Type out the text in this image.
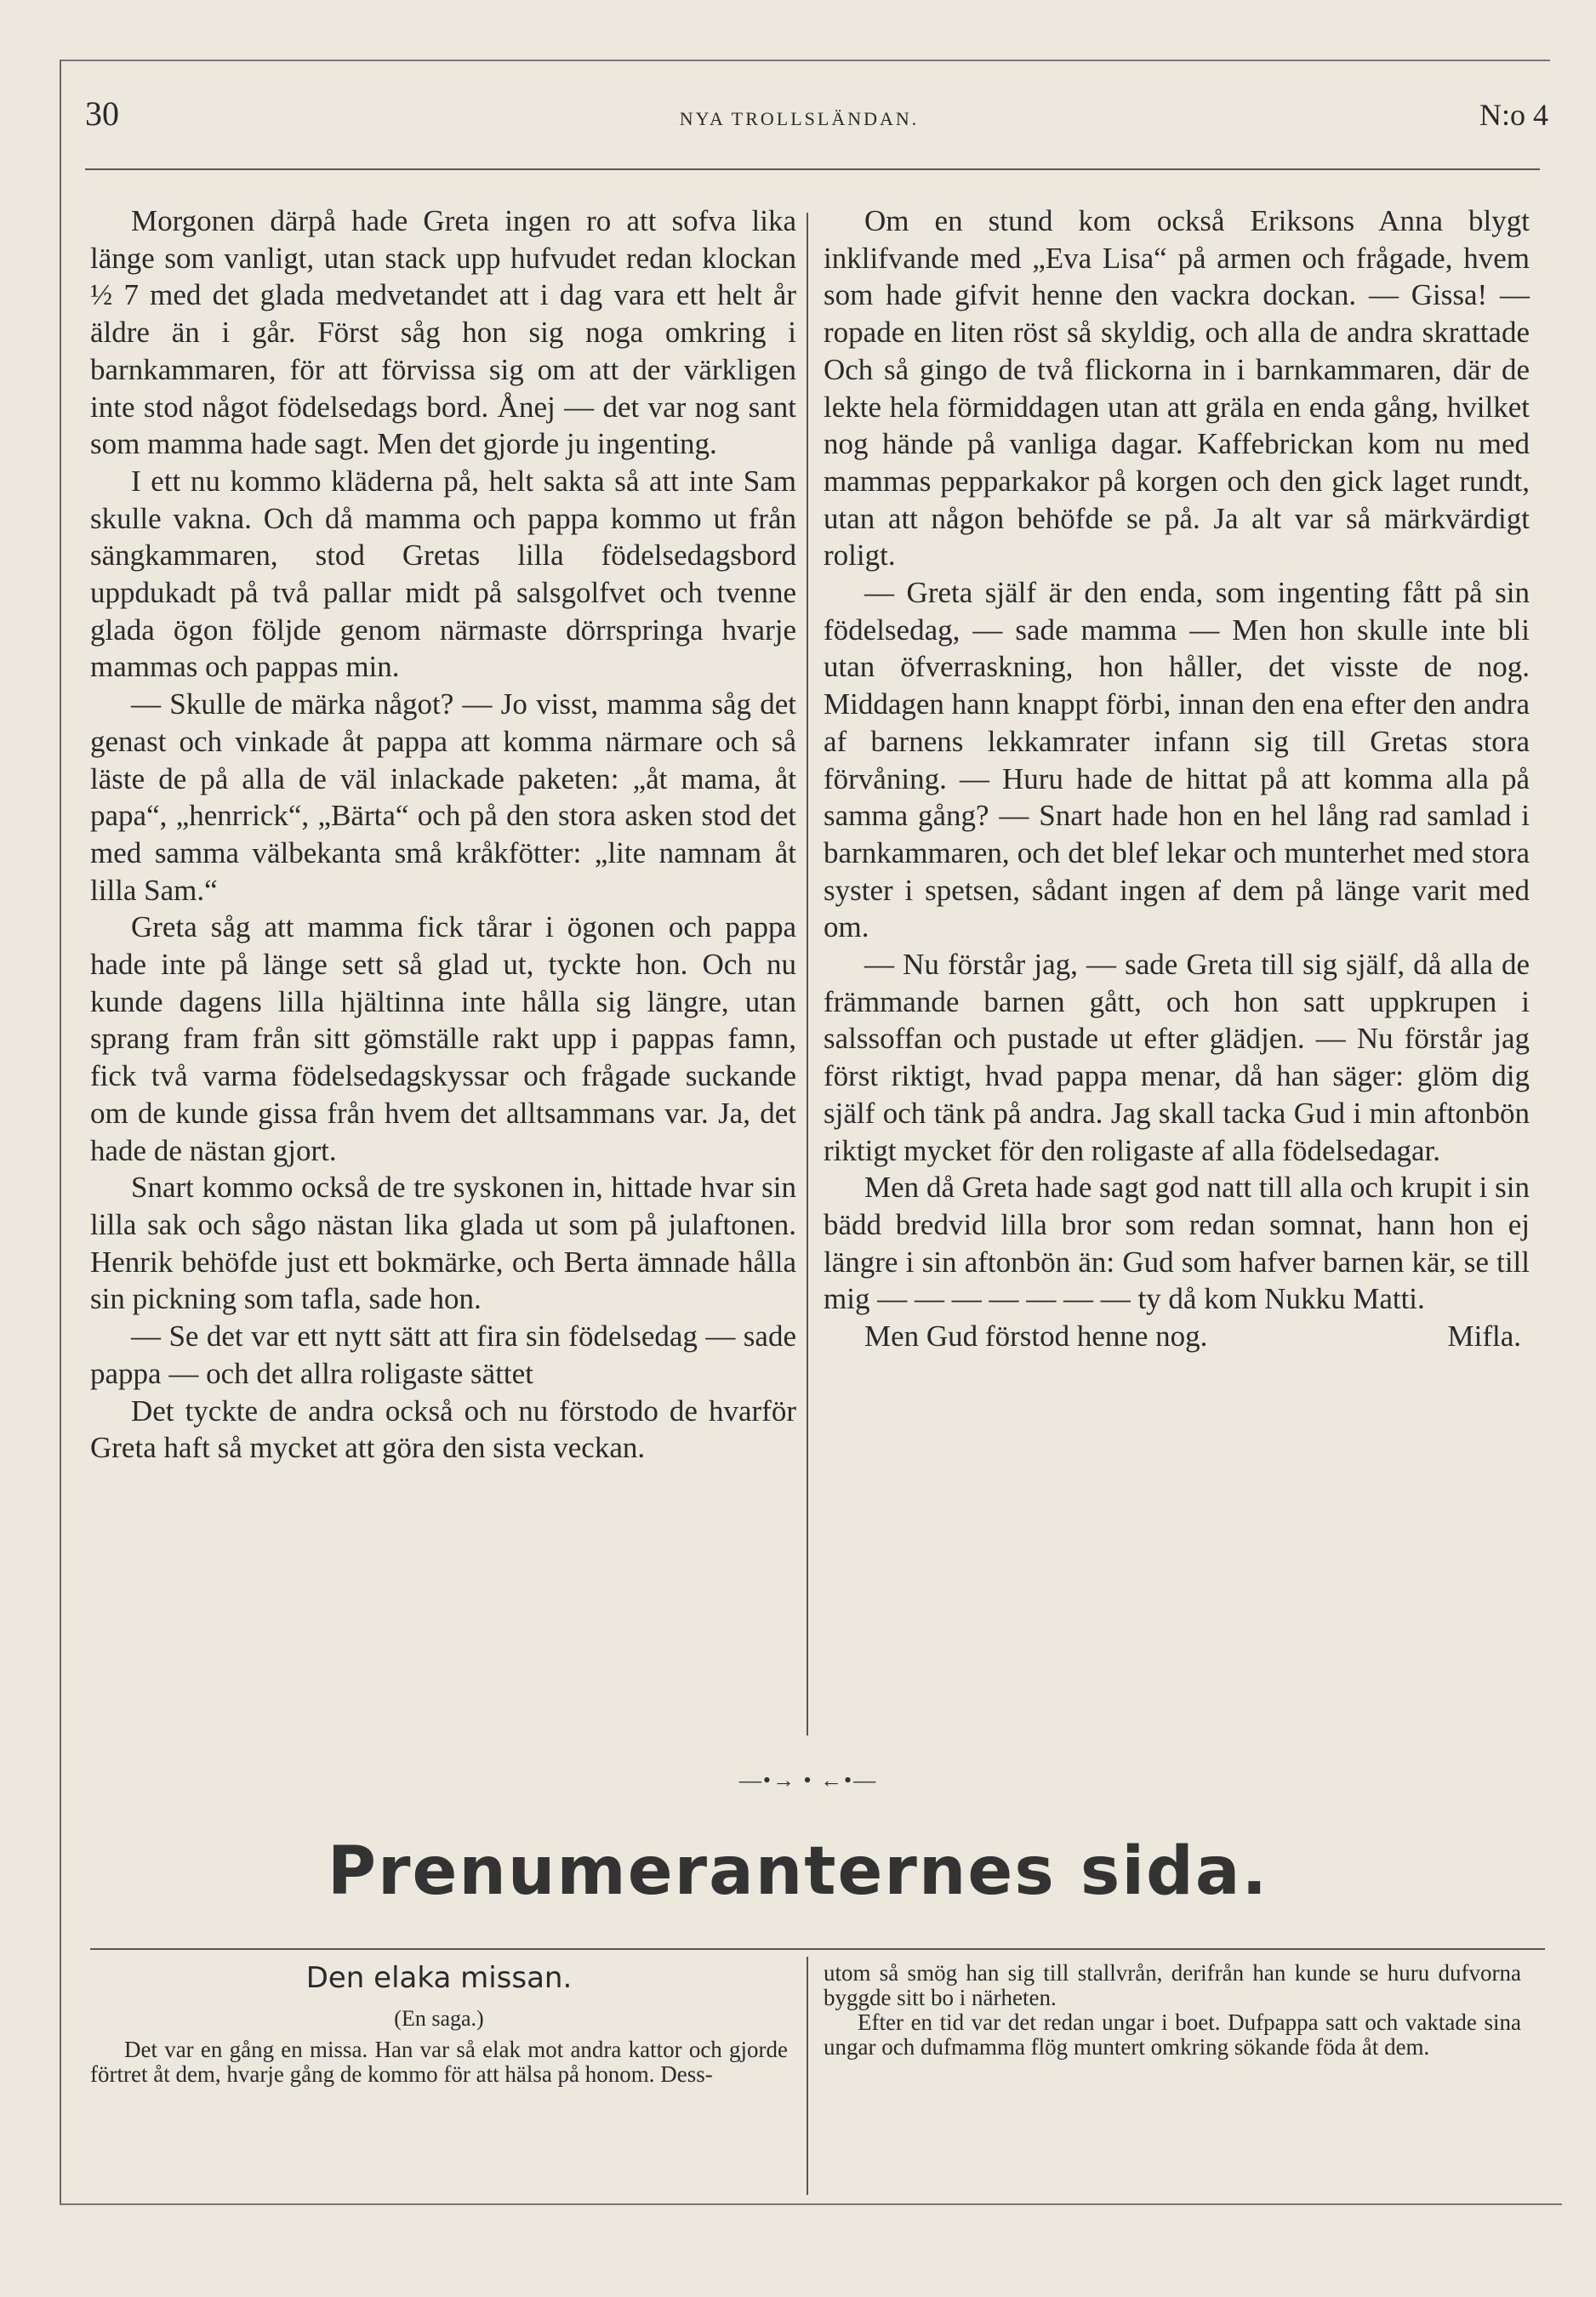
30	NYA TROLLSLÄNDAN.	N:o 4

Morgonen därpå hade Greta ingen ro att sofva lika länge som vanligt, utan stack upp hufvudet redan klockan ½ 7 med det glada medvetandet att i dag vara ett helt år äldre än i går. Först såg hon sig noga omkring i barnkammaren, för att förvissa sig om att der värkligen inte stod något födelsedags bord. Ånej — det var nog sant som mamma hade sagt. Men det gjorde ju ingenting.

I ett nu kommo kläderna på, helt sakta så att inte Sam skulle vakna. Och då mamma och pappa kommo ut från sängkammaren, stod Gretas lilla födelsedagsbord uppdukadt på två pallar midt på salsgolfvet och tvenne glada ögon följde genom närmaste dörrspringa hvarje mammas och pappas min.

— Skulle de märka något? — Jo visst, mamma såg det genast och vinkade åt pappa att komma närmare och så läste de på alla de väl inlackade paketen: „åt mama, åt papa“, „henrrick“, „Bärta“ och på den stora asken stod det med samma välbekanta små kråkfötter: „lite namnam åt lilla Sam.“

Greta såg att mamma fick tårar i ögonen och pappa hade inte på länge sett så glad ut, tyckte hon. Och nu kunde dagens lilla hjältinna inte hålla sig längre, utan sprang fram från sitt gömställe rakt upp i pappas famn, fick två varma födelsedagskyssar och frågade suckande om de kunde gissa från hvem det alltsammans var. Ja, det hade de nästan gjort.

Snart kommo också de tre syskonen in, hittade hvar sin lilla sak och sågo nästan lika glada ut som på julaftonen. Henrik behöfde just ett bokmärke, och Berta ämnade hålla sin pickning som tafla, sade hon.

— Se det var ett nytt sätt att fira sin födelsedag — sade pappa — och det allra roligaste sättet

Det tyckte de andra också och nu förstodo de hvarför Greta haft så mycket att göra den sista veckan.

Om en stund kom också Eriksons Anna blygt inklifvande med „Eva Lisa“ på armen och frågade, hvem som hade gifvit henne den vackra dockan. — Gissa! — ropade en liten röst så skyldig, och alla de andra skrattade Och så gingo de två flickorna in i barnkammaren, där de lekte hela förmiddagen utan att gräla en enda gång, hvilket nog hände på vanliga dagar. Kaffebrickan kom nu med mammas pepparkakor på korgen och den gick laget rundt, utan att någon behöfde se på. Ja alt var så märkvärdigt roligt.

— Greta själf är den enda, som ingenting fått på sin födelsedag, — sade mamma — Men hon skulle inte bli utan öfverraskning, hon håller, det visste de nog. Middagen hann knappt förbi, innan den ena efter den andra af barnens lekkamrater infann sig till Gretas stora förvåning. — Huru hade de hittat på att komma alla på samma gång? — Snart hade hon en hel lång rad samlad i barnkammaren, och det blef lekar och munterhet med stora syster i spetsen, sådant ingen af dem på länge varit med om.

— Nu förstår jag, — sade Greta till sig själf, då alla de främmande barnen gått, och hon satt uppkrupen i salssoffan och pustade ut efter glädjen. — Nu förstår jag först riktigt, hvad pappa menar, då han säger: glöm dig själf och tänk på andra. Jag skall tacka Gud i min aftonbön riktigt mycket för den roligaste af alla födelsedagar.

Men då Greta hade sagt god natt till alla och krupit i sin bädd bredvid lilla bror som redan somnat, hann hon ej längre i sin aftonbön än: Gud som hafver barnen kär, se till mig — — — — — — — ty då kom Nukku Matti.

Men Gud förstod henne nog.	Mifla.

—•→ • ←•—
Prenumeranternes sida.
Den elaka missan.
(En saga.)

Det var en gång en missa. Han var så elak mot andra kattor och gjorde förtret åt dem, hvarje gång de kommo för att hälsa på honom. Dess-

utom så smög han sig till stallvrån, derifrån han kunde se huru dufvorna byggde sitt bo i närheten.

Efter en tid var det redan ungar i boet. Dufpappa satt och vaktade sina ungar och dufmamma flög muntert omkring sökande föda åt dem.
